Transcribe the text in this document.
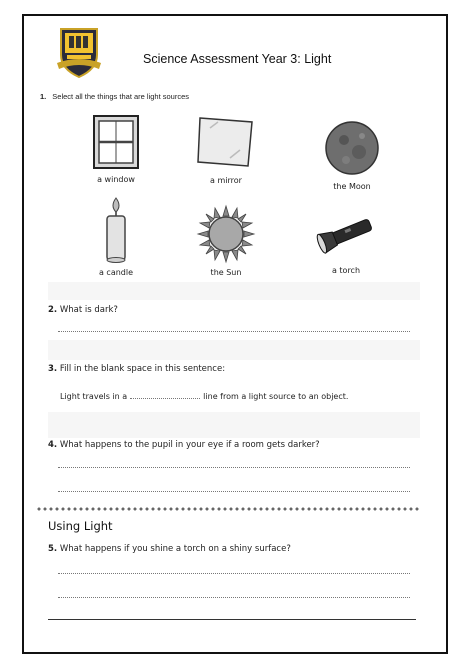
Science Assessment Year 3: Light
1. Select all the things that are light sources
a window	a mirror
the Moon
a candle	the Sun	a torch
2. What is dark?
3. Fill in the blank space in this sentence:
Light travels in a	line from a light source to an object.
4. What happens to the pupil in your eye if a room gets darker?
Using Light
5. What happens if you shine a torch on a shiny surface?
